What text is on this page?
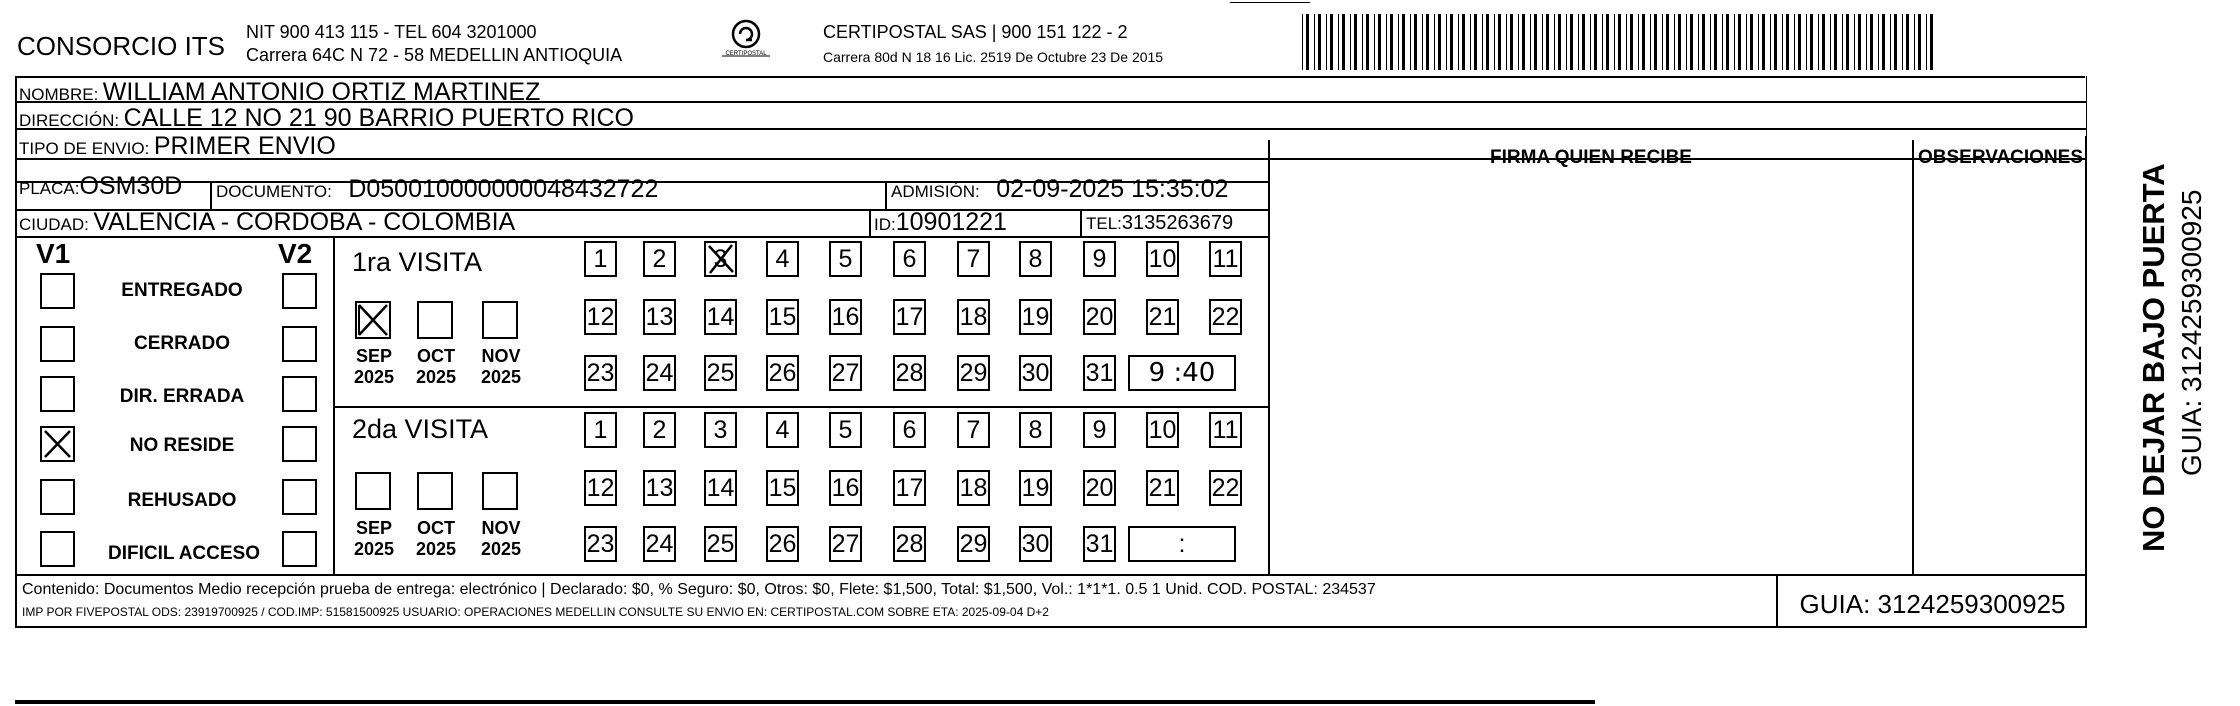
CONSORCIO ITS NIT 900 413 115 - TEL 604 3201000
Carrera 64C N 72 - 58 MEDELLIN ANTIOQUIA	CERTIPOSTAL
CERTIPOSTAL SAS | 900 151 122 - 2
Carrera 80d N 18 16 Lic. 2519 De Octubre 23 De 2015
NOMBRE: WILLIAM ANTONIO ORTIZ MARTINEZ
DIRECCIÓN: CALLE 12 NO 21 90 BARRIO PUERTO RICO
TIPO DE ENVIO: PRIMER ENVIO	FIRMA QUIEN RECIBE	OBSERVACIONES
PLACA:OSM30D DOCUMENTO: D050010000000048432722	ADMISIÓN: 02-09-2025 15:35:02
CIUDAD: VALENCIA - CORDOBA - COLOMBIA	ID:10901221	TEL:3135263679
V1	V2
ENTREGADO
CERRADO
DIR. ERRADA
NO RESIDE
REHUSADO
DIFICIL ACCESO
1ra VISITA
SEP
2025
OCT
2025
NOV
2025
1	2	3	4	5	6	7	8	9	10 11
12 13 14 15 16 17 18 19 20 21 22
23 24 25 26 27 28 29 30 31	9 :40
2da VISITA
SEP
2025
OCT
2025
NOV
2025
1	2	3	4	5	6	7	8	9	10 11
12 13 14 15 16 17 18 19 20 21 22
23 24 25 26 27 28 29 30 31	:
Contenido: Documentos Medio recepción prueba de entrega: electrónico | Declarado: $0, % Seguro: $0, Otros: $0, Flete: $1,500, Total: $1,500, Vol.: 1*1*1. 0.5 1 Unid. COD. POSTAL: 234537
IMP POR FIVEPOSTAL ODS: 23919700925 / COD.IMP: 51581500925 USUARIO: OPERACIONES MEDELLIN CONSULTE SU ENVIO EN: CERTIPOSTAL.COM SOBRE ETA: 2025-09-04 D+2	GUIA: 3124259300925
NO DEJAR BAJO PUERTA GUIA: 3124259300925
